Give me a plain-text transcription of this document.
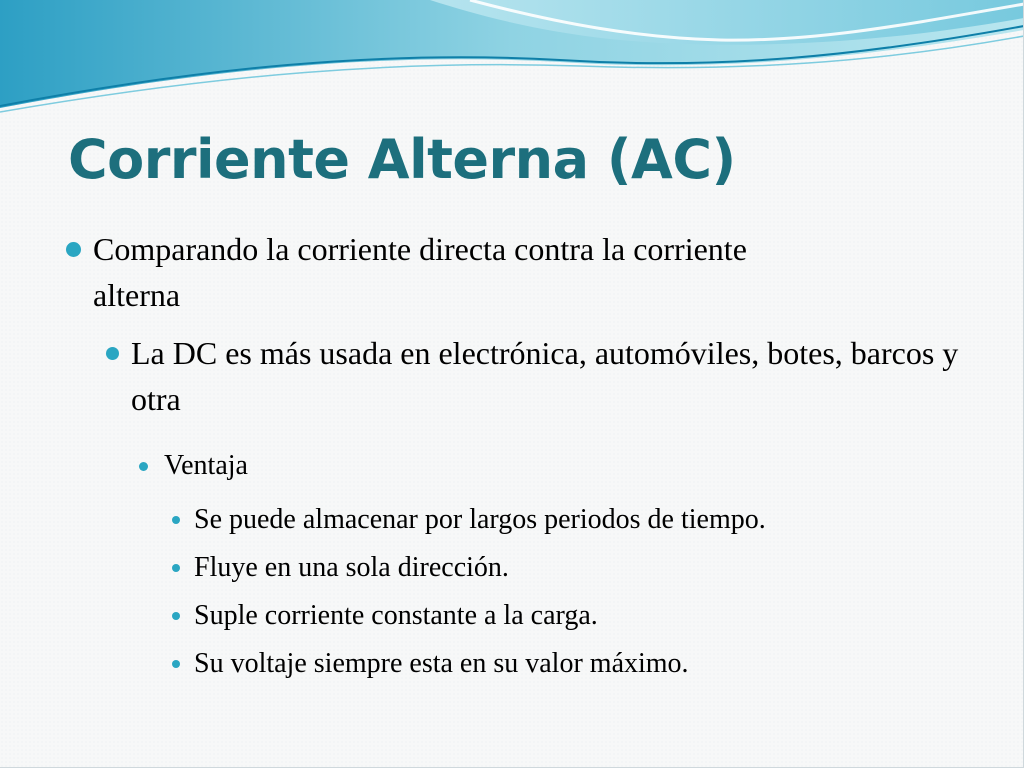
Corriente Alterna (AC)
Comparando la corriente directa contra la corriente alterna
La DC es más usada en electrónica, automóviles, botes, barcos y otra
Ventaja
Se puede almacenar por largos periodos de tiempo.
Fluye en una sola dirección.
Suple corriente constante a la carga.
Su voltaje siempre esta en su valor máximo.
